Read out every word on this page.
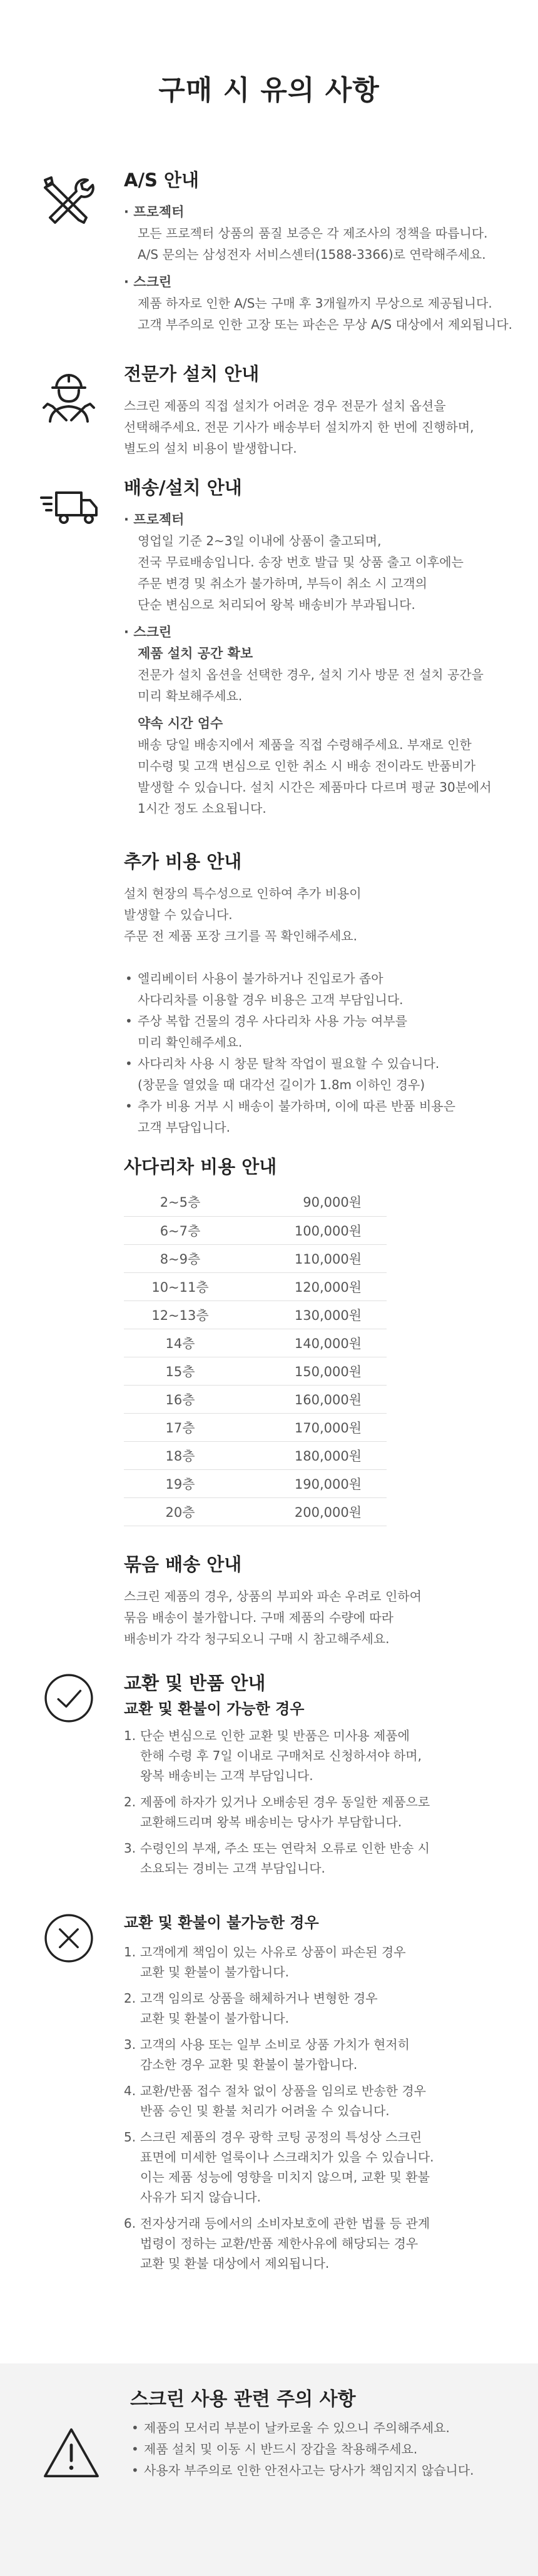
구매 시 유의 사항
A/S 안내
· 프로젝터

모든 프로젝터 상품의 품질 보증은 각 제조사의 정책을 따릅니다.

A/S 문의는 삼성전자 서비스센터(1588-3366)로 연락해주세요.

· 스크린

제품 하자로 인한 A/S는 구매 후 3개월까지 무상으로 제공됩니다.

고객 부주의로 인한 고장 또는 파손은 무상 A/S 대상에서 제외됩니다.

전문가 설치 안내

스크린 제품의 직접 설치가 어려운 경우 전문가 설치 옵션을

선택해주세요. 전문 기사가 배송부터 설치까지 한 번에 진행하며,

별도의 설치 비용이 발생합니다.

배송/설치 안내
· 프로젝터

영업일 기준 2~3일 이내에 상품이 출고되며,

전국 무료배송입니다. 송장 번호 발급 및 상품 출고 이후에는

주문 변경 및 취소가 불가하며, 부득이 취소 시 고객의

단순 변심으로 처리되어 왕복 배송비가 부과됩니다.

· 스크린
제품 설치 공간 확보

전문가 설치 옵션을 선택한 경우, 설치 기사 방문 전 설치 공간을

미리 확보해주세요.

약속 시간 엄수

배송 당일 배송지에서 제품을 직접 수령해주세요. 부재로 인한

미수령 및 고객 변심으로 인한 취소 시 배송 전이라도 반품비가

발생할 수 있습니다. 설치 시간은 제품마다 다르며 평균 30분에서

1시간 정도 소요됩니다.

추가 비용 안내

설치 현장의 특수성으로 인하여 추가 비용이

발생할 수 있습니다.

주문 전 제품 포장 크기를 꼭 확인해주세요.

• 엘리베이터 사용이 불가하거나 진입로가 좁아
사다리차를 이용할 경우 비용은 고객 부담입니다.
• 주상 복합 건물의 경우 사다리차 사용 가능 여부를
미리 확인해주세요.
• 사다리차 사용 시 창문 탈착 작업이 필요할 수 있습니다.
(창문을 열었을 때 대각선 길이가 1.8m 이하인 경우)
• 추가 비용 거부 시 배송이 불가하며, 이에 따른 반품 비용은
고객 부담입니다.
사다리차 비용 안내
2~5층	90,000원
6~7층	100,000원
8~9층	110,000원
10~11층	120,000원
12~13층	130,000원
14층	140,000원
15층	150,000원
16층	160,000원
17층	170,000원
18층	180,000원
19층	190,000원
20층	200,000원
묶음 배송 안내

스크린 제품의 경우, 상품의 부피와 파손 우려로 인하여

묶음 배송이 불가합니다. 구매 제품의 수량에 따라

배송비가 각각 청구되오니 구매 시 참고해주세요.

교환 및 반품 안내
교환 및 환불이 가능한 경우
1. 단순 변심으로 인한 교환 및 반품은 미사용 제품에
한해 수령 후 7일 이내로 구매처로 신청하셔야 하며,
왕복 배송비는 고객 부담입니다.
2. 제품에 하자가 있거나 오배송된 경우 동일한 제품으로
교환해드리며 왕복 배송비는 당사가 부담합니다.
3. 수령인의 부재, 주소 또는 연락처 오류로 인한 반송 시
소요되는 경비는 고객 부담입니다.
교환 및 환불이 불가능한 경우
1. 고객에게 책임이 있는 사유로 상품이 파손된 경우
교환 및 환불이 불가합니다.
2. 고객 임의로 상품을 해체하거나 변형한 경우
교환 및 환불이 불가합니다.
3. 고객의 사용 또는 일부 소비로 상품 가치가 현저히
감소한 경우 교환 및 환불이 불가합니다.
4. 교환/반품 접수 절차 없이 상품을 임의로 반송한 경우
반품 승인 및 환불 처리가 어려울 수 있습니다.
5. 스크린 제품의 경우 광학 코팅 공정의 특성상 스크린
표면에 미세한 얼룩이나 스크래치가 있을 수 있습니다.
이는 제품 성능에 영향을 미치지 않으며, 교환 및 환불
사유가 되지 않습니다.
6. 전자상거래 등에서의 소비자보호에 관한 법률 등 관계
법령이 정하는 교환/반품 제한사유에 해당되는 경우
교환 및 환불 대상에서 제외됩니다.
스크린 사용 관련 주의 사항
• 제품의 모서리 부분이 날카로울 수 있으니 주의해주세요.
• 제품 설치 및 이동 시 반드시 장갑을 착용해주세요.
• 사용자 부주의로 인한 안전사고는 당사가 책임지지 않습니다.
